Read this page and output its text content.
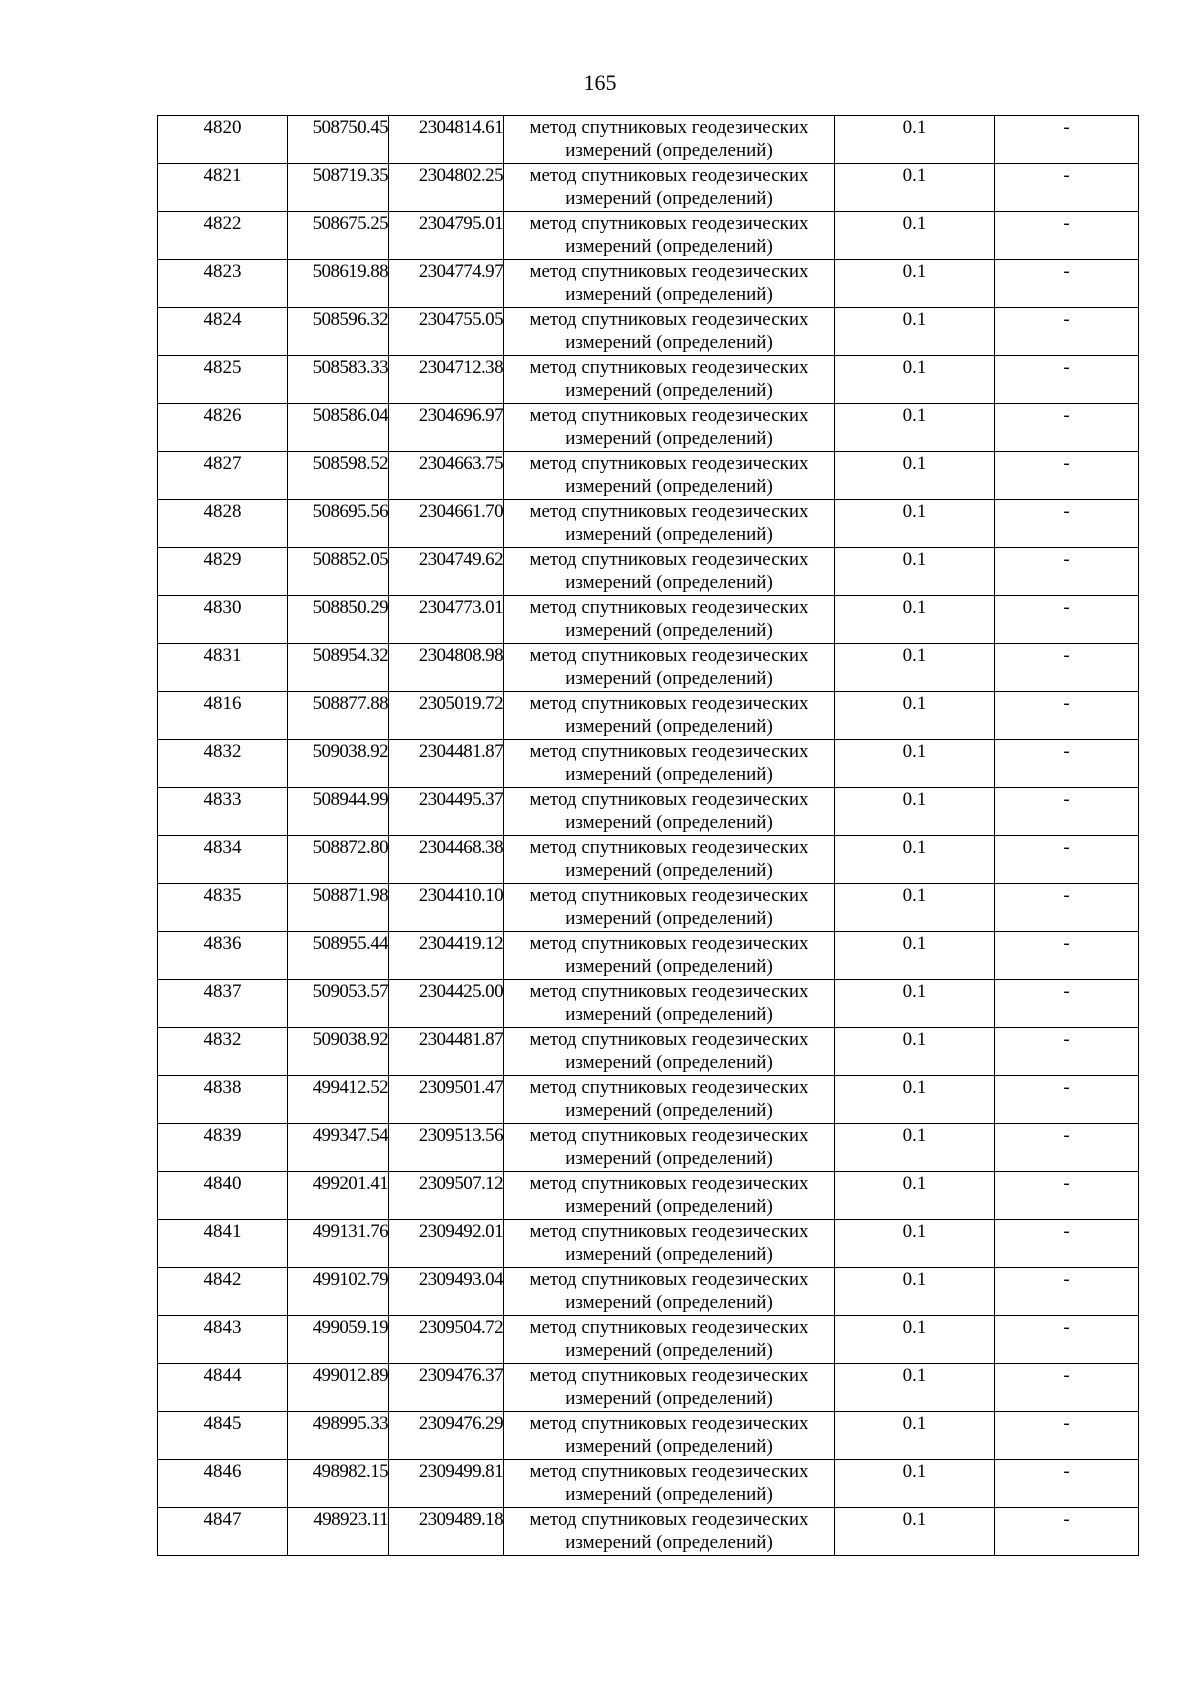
165
4820	508750.45	2304814.61	метод спутниковых геодезических измерений (определений)	0.1	-
4821	508719.35	2304802.25	метод спутниковых геодезических измерений (определений)	0.1	-
4822	508675.25	2304795.01	метод спутниковых геодезических измерений (определений)	0.1	-
4823	508619.88	2304774.97	метод спутниковых геодезических измерений (определений)	0.1	-
4824	508596.32	2304755.05	метод спутниковых геодезических измерений (определений)	0.1	-
4825	508583.33	2304712.38	метод спутниковых геодезических измерений (определений)	0.1	-
4826	508586.04	2304696.97	метод спутниковых геодезических измерений (определений)	0.1	-
4827	508598.52	2304663.75	метод спутниковых геодезических измерений (определений)	0.1	-
4828	508695.56	2304661.70	метод спутниковых геодезических измерений (определений)	0.1	-
4829	508852.05	2304749.62	метод спутниковых геодезических измерений (определений)	0.1	-
4830	508850.29	2304773.01	метод спутниковых геодезических измерений (определений)	0.1	-
4831	508954.32	2304808.98	метод спутниковых геодезических измерений (определений)	0.1	-
4816	508877.88	2305019.72	метод спутниковых геодезических измерений (определений)	0.1	-
4832	509038.92	2304481.87	метод спутниковых геодезических измерений (определений)	0.1	-
4833	508944.99	2304495.37	метод спутниковых геодезических измерений (определений)	0.1	-
4834	508872.80	2304468.38	метод спутниковых геодезических измерений (определений)	0.1	-
4835	508871.98	2304410.10	метод спутниковых геодезических измерений (определений)	0.1	-
4836	508955.44	2304419.12	метод спутниковых геодезических измерений (определений)	0.1	-
4837	509053.57	2304425.00	метод спутниковых геодезических измерений (определений)	0.1	-
4832	509038.92	2304481.87	метод спутниковых геодезических измерений (определений)	0.1	-
4838	499412.52	2309501.47	метод спутниковых геодезических измерений (определений)	0.1	-
4839	499347.54	2309513.56	метод спутниковых геодезических измерений (определений)	0.1	-
4840	499201.41	2309507.12	метод спутниковых геодезических измерений (определений)	0.1	-
4841	499131.76	2309492.01	метод спутниковых геодезических измерений (определений)	0.1	-
4842	499102.79	2309493.04	метод спутниковых геодезических измерений (определений)	0.1	-
4843	499059.19	2309504.72	метод спутниковых геодезических измерений (определений)	0.1	-
4844	499012.89	2309476.37	метод спутниковых геодезических измерений (определений)	0.1	-
4845	498995.33	2309476.29	метод спутниковых геодезических измерений (определений)	0.1	-
4846	498982.15	2309499.81	метод спутниковых геодезических измерений (определений)	0.1	-
4847	498923.11	2309489.18	метод спутниковых геодезических измерений (определений)	0.1	-
